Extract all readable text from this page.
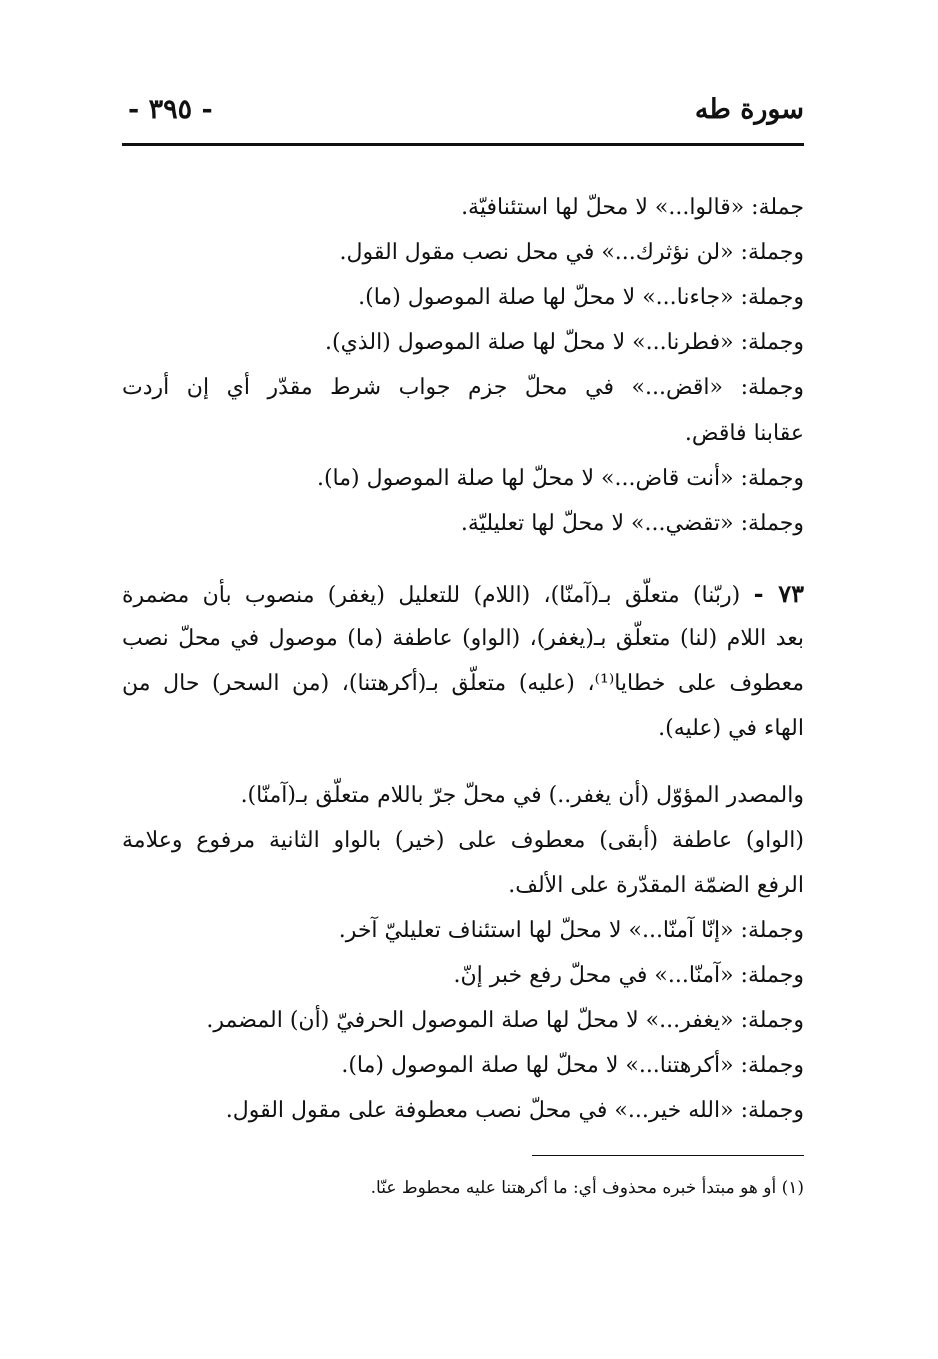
سورة طه
- ٣٩٥ -
جملة: «قالوا...» لا محلّ لها استئنافيّة.
وجملة: «لن نؤثرك...» في محل نصب مقول القول.
وجملة: «جاءنا...» لا محلّ لها صلة الموصول (ما).
وجملة: «فطرنا...» لا محلّ لها صلة الموصول (الذي).
وجملة: «اقض...» في محلّ جزم جواب شرط مقدّر أي إن أردت
عقابنا فاقض.
وجملة: «أنت قاض...» لا محلّ لها صلة الموصول (ما).
وجملة: «تقضي...» لا محلّ لها تعليليّة.
٧٣ - (ربّنا) متعلّق بـ(آمنّا)، (اللام) للتعليل (يغفر) منصوب بأن مضمرة
بعد اللام (لنا) متعلّق بـ(يغفر)، (الواو) عاطفة (ما) موصول في محلّ نصب
معطوف على خطايا⁽¹⁾، (عليه) متعلّق بـ(أكرهتنا)، (من السحر) حال من
الهاء في (عليه).
والمصدر المؤوّل (أن يغفر..) في محلّ جرّ باللام متعلّق بـ(آمنّا).
(الواو) عاطفة (أبقى) معطوف على (خير) بالواو الثانية مرفوع وعلامة
الرفع الضمّة المقدّرة على الألف.
وجملة: «إنّا آمنّا...» لا محلّ لها استئناف تعليليّ آخر.
وجملة: «آمنّا...» في محلّ رفع خبر إنّ.
وجملة: «يغفر...» لا محلّ لها صلة الموصول الحرفيّ (أن) المضمر.
وجملة: «أكرهتنا...» لا محلّ لها صلة الموصول (ما).
وجملة: «الله خير...» في محلّ نصب معطوفة على مقول القول.
(١) أو هو مبتدأ خبره محذوف أي: ما أكرهتنا عليه محطوط عنّا.
